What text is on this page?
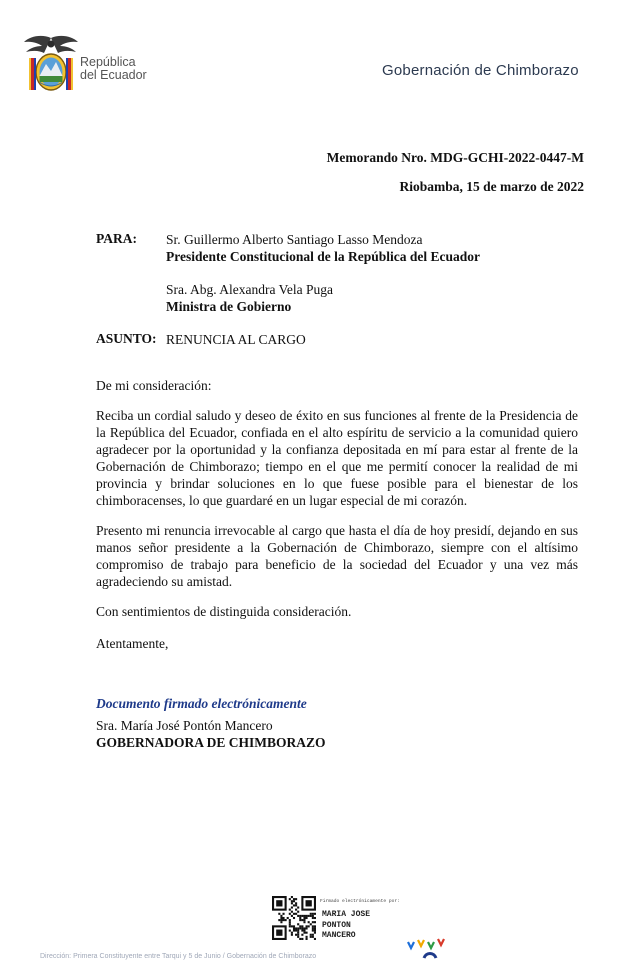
República
del Ecuador	Gobernación de Chimborazo
Memorando Nro. MDG-GCHI-2022-0447-M
Riobamba, 15 de marzo de 2022
PARA: Sr. Guillermo Alberto Santiago Lasso Mendoza
Presidente Constitucional de la República del Ecuador
Sra. Abg. Alexandra Vela Puga
Ministra de Gobierno
ASUNTO: RENUNCIA AL CARGO
De mi consideración:
Reciba un cordial saludo y deseo de éxito en sus funciones al frente de la Presidencia de la República del Ecuador, confiada en el alto espíritu de servicio a la comunidad quiero agradecer por la oportunidad y la confianza depositada en mí para estar al frente de la Gobernación de Chimborazo; tiempo en el que me permití conocer la realidad de mi provincia y brindar soluciones en lo que fuese posible para el bienestar de los chimboracenses, lo que guardaré en un lugar especial de mi corazón.
Presento mi renuncia irrevocable al cargo que hasta el día de hoy presidí, dejando en sus manos señor presidente a la Gobernación de Chimborazo, siempre con el altísimo compromiso de trabajo para beneficio de la sociedad del Ecuador y una vez más agradeciendo su amistad.
Con sentimientos de distinguida consideración.
Atentamente,
Documento firmado electrónicamente
Sra. María José Pontón Mancero
GOBERNADORA DE CHIMBORAZO
Firmado electrónicamente por:
MARIA JOSE
PONTON
MANCERO
Dirección: Primera Constituyente entre Tarqui y 5 de Junio / Gobernación de Chimborazo
